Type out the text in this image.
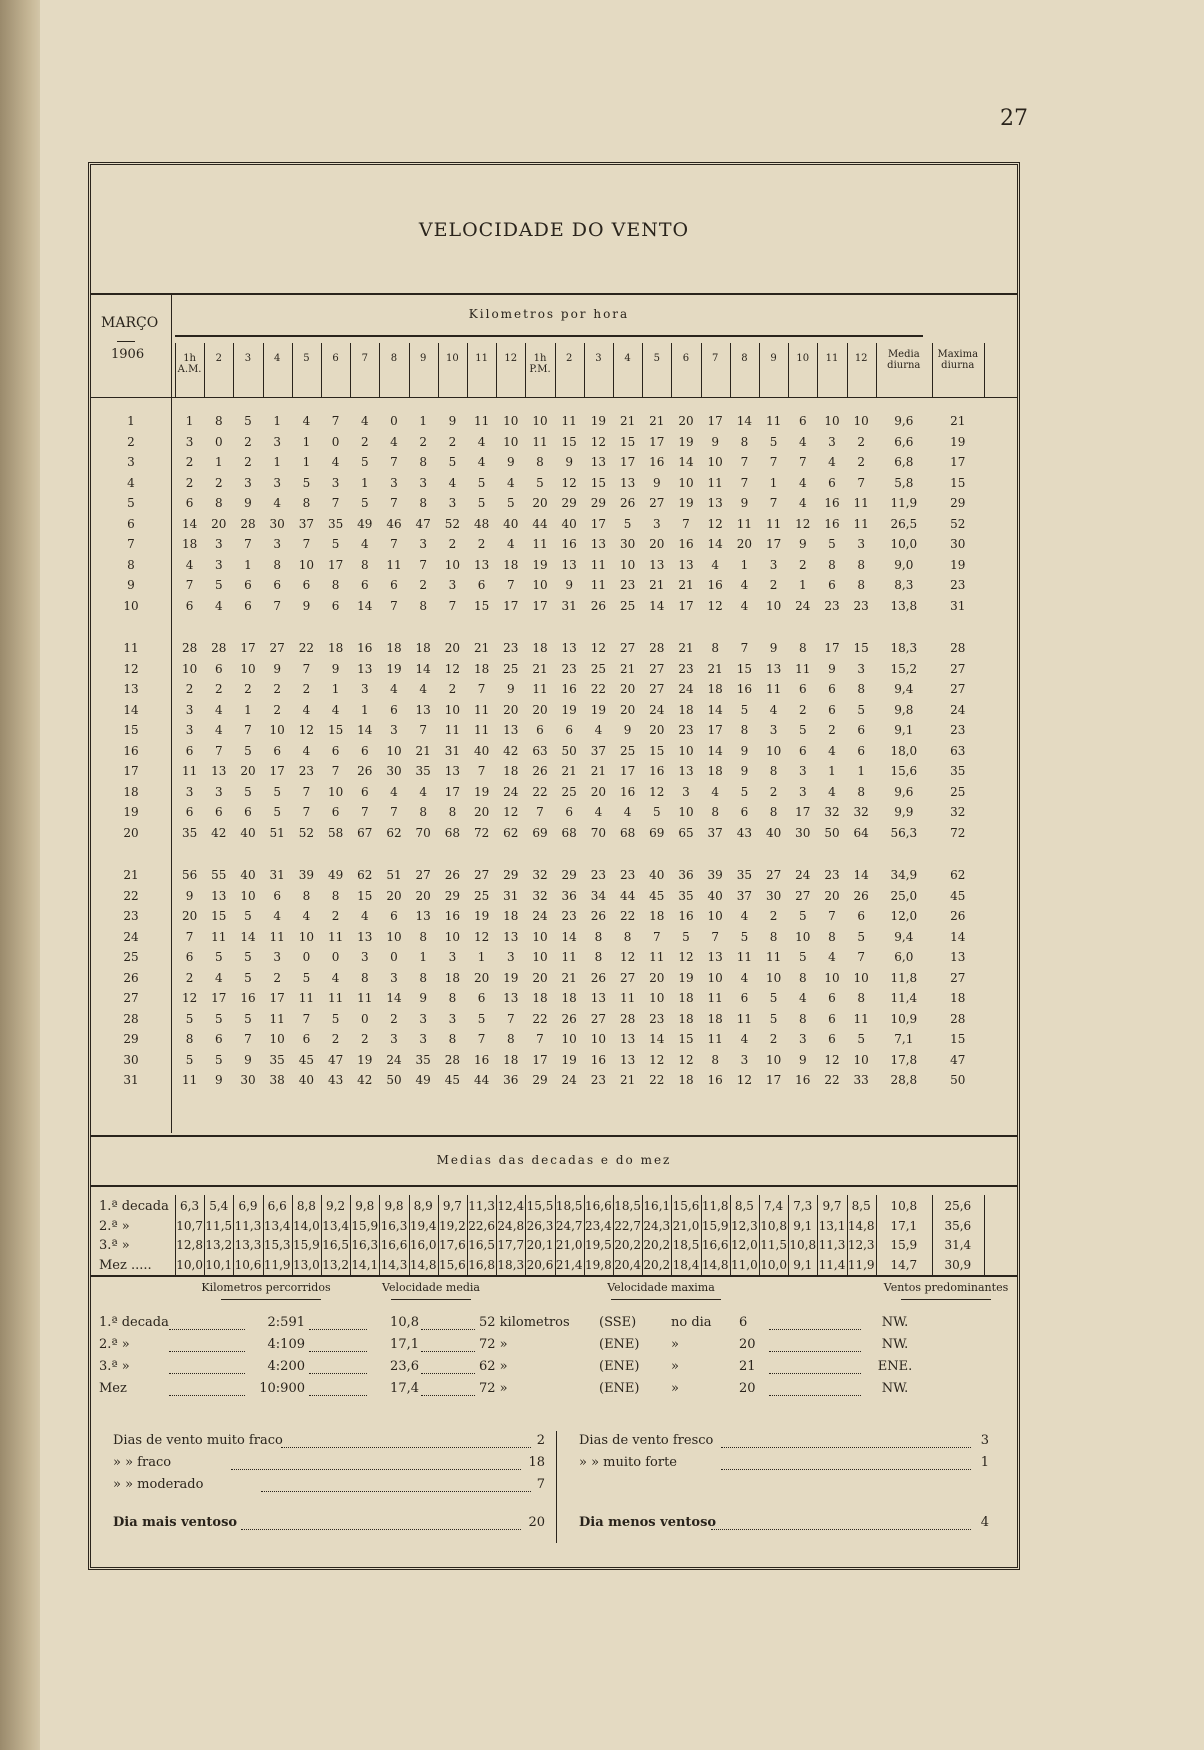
27
VELOCIDADE DO VENTO
MARÇO
1906
Kilometros por hora
1h A.M.
2	3	4	5	6	7	8	9	10	11	12	1h P.M.
2	3	4	5	6	7	8	9	10	11	12	Media diurna
Maxima diurna
1	1	8	5	1	4	7	4	0	1	9	11	10	10	11	19	21	21	20	17	14	11	6	10	10	9,6	21
2	3	0	2	3	1	0	2	4	2	2	4	10	11	15	12	15	17	19	9	8	5	4	3	2	6,6	19
3	2	1	2	1	1	4	5	7	8	5	4	9	8	9	13	17	16	14	10	7	7	7	4	2	6,8	17
4	2	2	3	3	5	3	1	3	3	4	5	4	5	12	15	13	9	10	11	7	1	4	6	7	5,8	15
5	6	8	9	4	8	7	5	7	8	3	5	5	20	29	29	26	27	19	13	9	7	4	16	11	11,9	29
6	14	20	28	30	37	35	49	46	47	52	48	40	44	40	17	5	3	7	12	11	11	12	16	11	26,5	52
7	18	3	7	3	7	5	4	7	3	2	2	4	11	16	13	30	20	16	14	20	17	9	5	3	10,0	30
8	4	3	1	8	10	17	8	11	7	10	13	18	19	13	11	10	13	13	4	1	3	2	8	8	9,0	19
9	7	5	6	6	6	8	6	6	2	3	6	7	10	9	11	23	21	21	16	4	2	1	6	8	8,3	23
10	6	4	6	7	9	6	14	7	8	7	15	17	17	31	26	25	14	17	12	4	10	24	23	23	13,8	31
11	28	28	17	27	22	18	16	18	18	20	21	23	18	13	12	27	28	21	8	7	9	8	17	15	18,3	28
12	10	6	10	9	7	9	13	19	14	12	18	25	21	23	25	21	27	23	21	15	13	11	9	3	15,2	27
13	2	2	2	2	2	1	3	4	4	2	7	9	11	16	22	20	27	24	18	16	11	6	6	8	9,4	27
14	3	4	1	2	4	4	1	6	13	10	11	20	20	19	19	20	24	18	14	5	4	2	6	5	9,8	24
15	3	4	7	10	12	15	14	3	7	11	11	13	6	6	4	9	20	23	17	8	3	5	2	6	9,1	23
16	6	7	5	6	4	6	6	10	21	31	40	42	63	50	37	25	15	10	14	9	10	6	4	6	18,0	63
17	11	13	20	17	23	7	26	30	35	13	7	18	26	21	21	17	16	13	18	9	8	3	1	1	15,6	35
18	3	3	5	5	7	10	6	4	4	17	19	24	22	25	20	16	12	3	4	5	2	3	4	8	9,6	25
19	6	6	6	5	7	6	7	7	8	8	20	12	7	6	4	4	5	10	8	6	8	17	32	32	9,9	32
20	35	42	40	51	52	58	67	62	70	68	72	62	69	68	70	68	69	65	37	43	40	30	50	64	56,3	72
21	56	55	40	31	39	49	62	51	27	26	27	29	32	29	23	23	40	36	39	35	27	24	23	14	34,9	62
22	9	13	10	6	8	8	15	20	20	29	25	31	32	36	34	44	45	35	40	37	30	27	20	26	25,0	45
23	20	15	5	4	4	2	4	6	13	16	19	18	24	23	26	22	18	16	10	4	2	5	7	6	12,0	26
24	7	11	14	11	10	11	13	10	8	10	12	13	10	14	8	8	7	5	7	5	8	10	8	5	9,4	14
25	6	5	5	3	0	0	3	0	1	3	1	3	10	11	8	12	11	12	13	11	11	5	4	7	6,0	13
26	2	4	5	2	5	4	8	3	8	18	20	19	20	21	26	27	20	19	10	4	10	8	10	10	11,8	27
27	12	17	16	17	11	11	11	14	9	8	6	13	18	18	13	11	10	18	11	6	5	4	6	8	11,4	18
28	5	5	5	11	7	5	0	2	3	3	5	7	22	26	27	28	23	18	18	11	5	8	6	11	10,9	28
29	8	6	7	10	6	2	2	3	3	8	7	8	7	10	10	13	14	15	11	4	2	3	6	5	7,1	15
30	5	5	9	35	45	47	19	24	35	28	16	18	17	19	16	13	12	12	8	3	10	9	12	10	17,8	47
31	11	9	30	38	40	43	42	50	49	45	44	36	29	24	23	21	22	18	16	12	17	16	22	33	28,8	50
Medias das decadas e do mez
1.ª decada 6,3 5,4 6,9 6,6 8,8 9,2 9,8 9,8 8,9 9,7 11,3 12,4 15,5 18,5 16,6 18,5 16,1 15,6 11,8 8,5 7,4 7,3 9,7 8,5	10,8	25,6
2.ª »	10,7 11,5 11,3 13,4 14,0 13,4 15,9 16,3 19,4 19,2 22,6 24,8 26,3 24,7 23,4 22,7 24,3 21,0 15,9 12,3 10,8 9,1 13,1 14,8	17,1	35,6
3.ª »	12,8 13,2 13,3 15,3 15,9 16,5 16,3 16,6 16,0 17,6 16,5 17,7 20,1 21,0 19,5 20,2 20,2 18,5 16,6 12,0 11,5 10,8 11,3 12,3	15,9	31,4
Mez .....	10,0 10,1 10,6 11,9 13,0 13,2 14,1 14,3 14,8 15,6 16,8 18,3 20,6 21,4 19,8 20,4 20,2 18,4 14,8 11,0 10,0 9,1 11,4 11,9	14,7	30,9
Kilometros percorridos	Velocidade media	Velocidade maxima	Ventos predominantes
1.ª decada	2:591	10,8	52 kilometros (SSE)	no dia 6	NW.
2.ª »	4:109	17,1	72 »	(ENE) »	20	NW.
3.ª »	4:200	23,6	62 »	(ENE) »	21	ENE.
Mez	10:900	17,4	72 »	(ENE) »	20	NW.
Dias de vento muito fraco	2
» » fraco	18
» » moderado	7
Dias de vento fresco	3
» » muito forte	1
Dia mais ventoso	20	Dia menos ventoso	4
